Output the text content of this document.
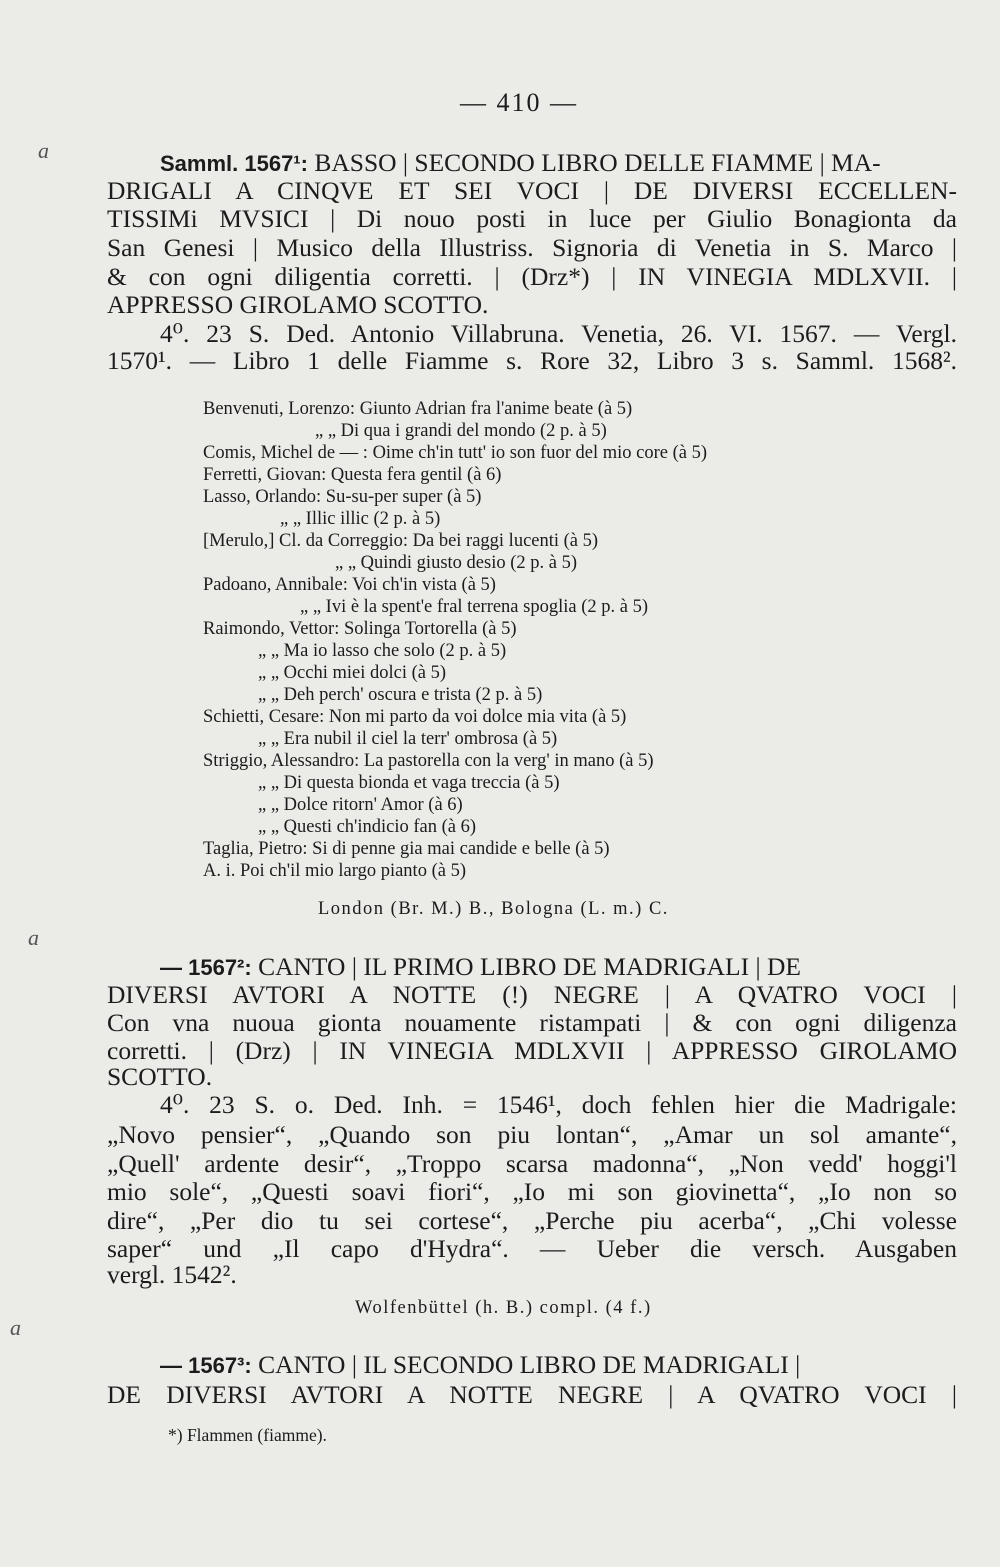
— 410 —
a
a
a
Samml. 1567¹: BASSO | SECONDO LIBRO DELLE FIAMME | MA-
DRIGALI A CINQVE ET SEI VOCI | DE DIVERSI ECCELLEN-
TISSIMi MVSICI | Di nouo posti in luce per Giulio Bonagionta da
San Genesi | Musico della Illustriss. Signoria di Venetia in S. Marco |
& con ogni diligentia corretti. | (Drz*) | IN VINEGIA MDLXVII. |
APPRESSO GIROLAMO SCOTTO.
4⁰. 23 S. Ded. Antonio Villabruna. Venetia, 26. VI. 1567. — Vergl.
1570¹. — Libro 1 delle Fiamme s. Rore 32, Libro 3 s. Samml. 1568².
Benvenuti, Lorenzo: Giunto Adrian fra l'anime beate (à 5)
„ „ Di qua i grandi del mondo (2 p. à 5)
Comis, Michel de — : Oime ch'in tutt' io son fuor del mio core (à 5)
Ferretti, Giovan: Questa fera gentil (à 6)
Lasso, Orlando: Su-su-per super (à 5)
„ „ Illic illic (2 p. à 5)
[Merulo,] Cl. da Correggio: Da bei raggi lucenti (à 5)
„ „ Quindi giusto desio (2 p. à 5)
Padoano, Annibale: Voi ch'in vista (à 5)
„ „ Ivi è la spent'e fral terrena spoglia (2 p. à 5)
Raimondo, Vettor: Solinga Tortorella (à 5)
„ „ Ma io lasso che solo (2 p. à 5)
„ „ Occhi miei dolci (à 5)
„ „ Deh perch' oscura e trista (2 p. à 5)
Schietti, Cesare: Non mi parto da voi dolce mia vita (à 5)
„ „ Era nubil il ciel la terr' ombrosa (à 5)
Striggio, Alessandro: La pastorella con la verg' in mano (à 5)
„ „ Di questa bionda et vaga treccia (à 5)
„ „ Dolce ritorn' Amor (à 6)
„ „ Questi ch'indicio fan (à 6)
Taglia, Pietro: Si di penne gia mai candide e belle (à 5)
A. i. Poi ch'il mio largo pianto (à 5)
London (Br. M.) B., Bologna (L. m.) C.
— 1567²: CANTO | IL PRIMO LIBRO DE MADRIGALI | DE
DIVERSI AVTORI A NOTTE (!) NEGRE | A QVATRO VOCI |
Con vna nuoua gionta nouamente ristampati | & con ogni diligenza
corretti. | (Drz) | IN VINEGIA MDLXVII | APPRESSO GIROLAMO
SCOTTO.
4⁰. 23 S. o. Ded. Inh. = 1546¹, doch fehlen hier die Madrigale:
„Novo pensier“, „Quando son piu lontan“, „Amar un sol amante“,
„Quell' ardente desir“, „Troppo scarsa madonna“, „Non vedd' hoggi'l
mio sole“, „Questi soavi fiori“, „Io mi son giovinetta“, „Io non so
dire“, „Per dio tu sei cortese“, „Perche piu acerba“, „Chi volesse
saper“ und „Il capo d'Hydra“. — Ueber die versch. Ausgaben
vergl. 1542².
Wolfenbüttel (h. B.) compl. (4 f.)
— 1567³: CANTO | IL SECONDO LIBRO DE MADRIGALI |
DE DIVERSI AVTORI A NOTTE NEGRE | A QVATRO VOCI |
*) Flammen (fiamme).
